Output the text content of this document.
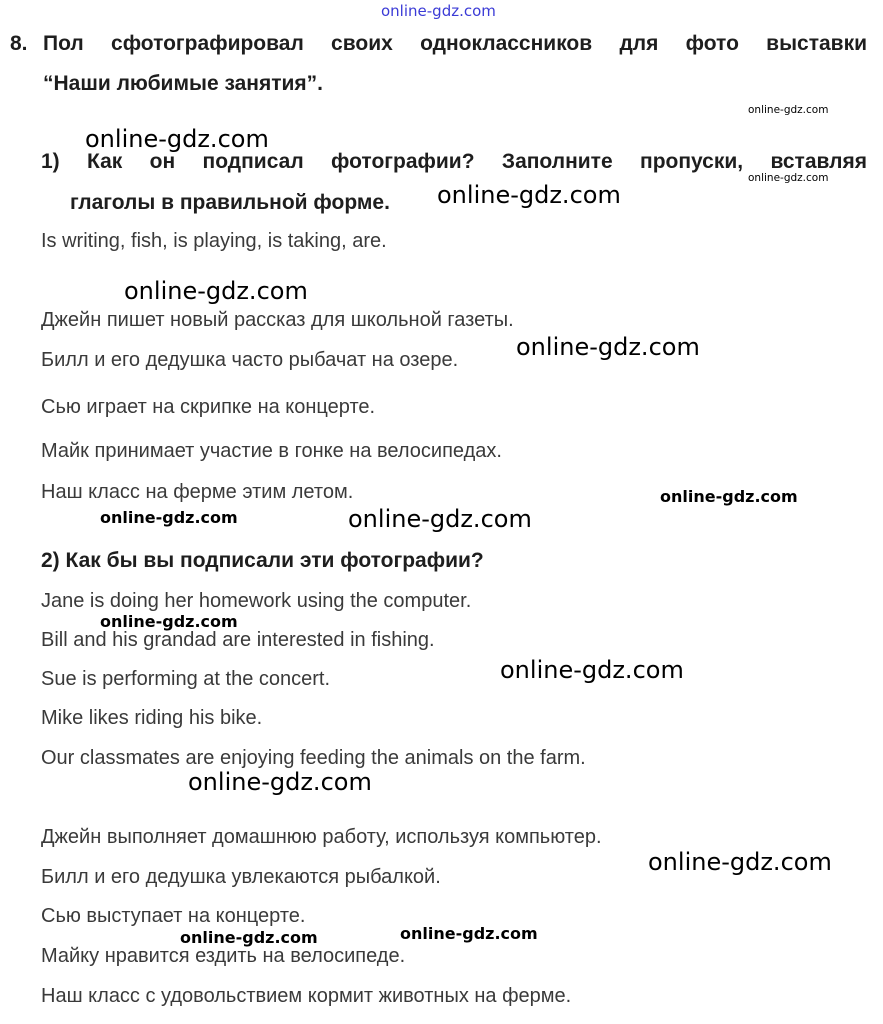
8. Пол сфотографировал своих одноклассников для фото выставки
“Наши любимые занятия”.
1) Как он подписал фотографии? Заполните пропуски, вставляя
глаголы в правильной форме.
Is writing, fish, is playing, is taking, are.
Джейн пишет новый рассказ для школьной газеты.
Билл и его дедушка часто рыбачат на озере.
Сью играет на скрипке на концерте.
Майк принимает участие в гонке на велосипедах.
Наш класс на ферме этим летом.
2) Как бы вы подписали эти фотографии?
Jane is doing her homework using the computer.
Bill and his grandad are interested in fishing.
Sue is performing at the concert.
Mike likes riding his bike.
Our classmates are enjoying feeding the animals on the farm.
Джейн выполняет домашнюю работу, используя компьютер.
Билл и его дедушка увлекаются рыбалкой.
Сью выступает на концерте.
Майку нравится ездить на велосипеде.
Наш класс с удовольствием кормит животных на ферме.
online-gdz.com
online-gdz.com
online-gdz.com
online-gdz.com
online-gdz.com
online-gdz.com
online-gdz.com
online-gdz.com
online-gdz.com	online-gdz.com
online-gdz.com
online-gdz.com
online-gdz.com
online-gdz.com
online-gdz.com
online-gdz.com
